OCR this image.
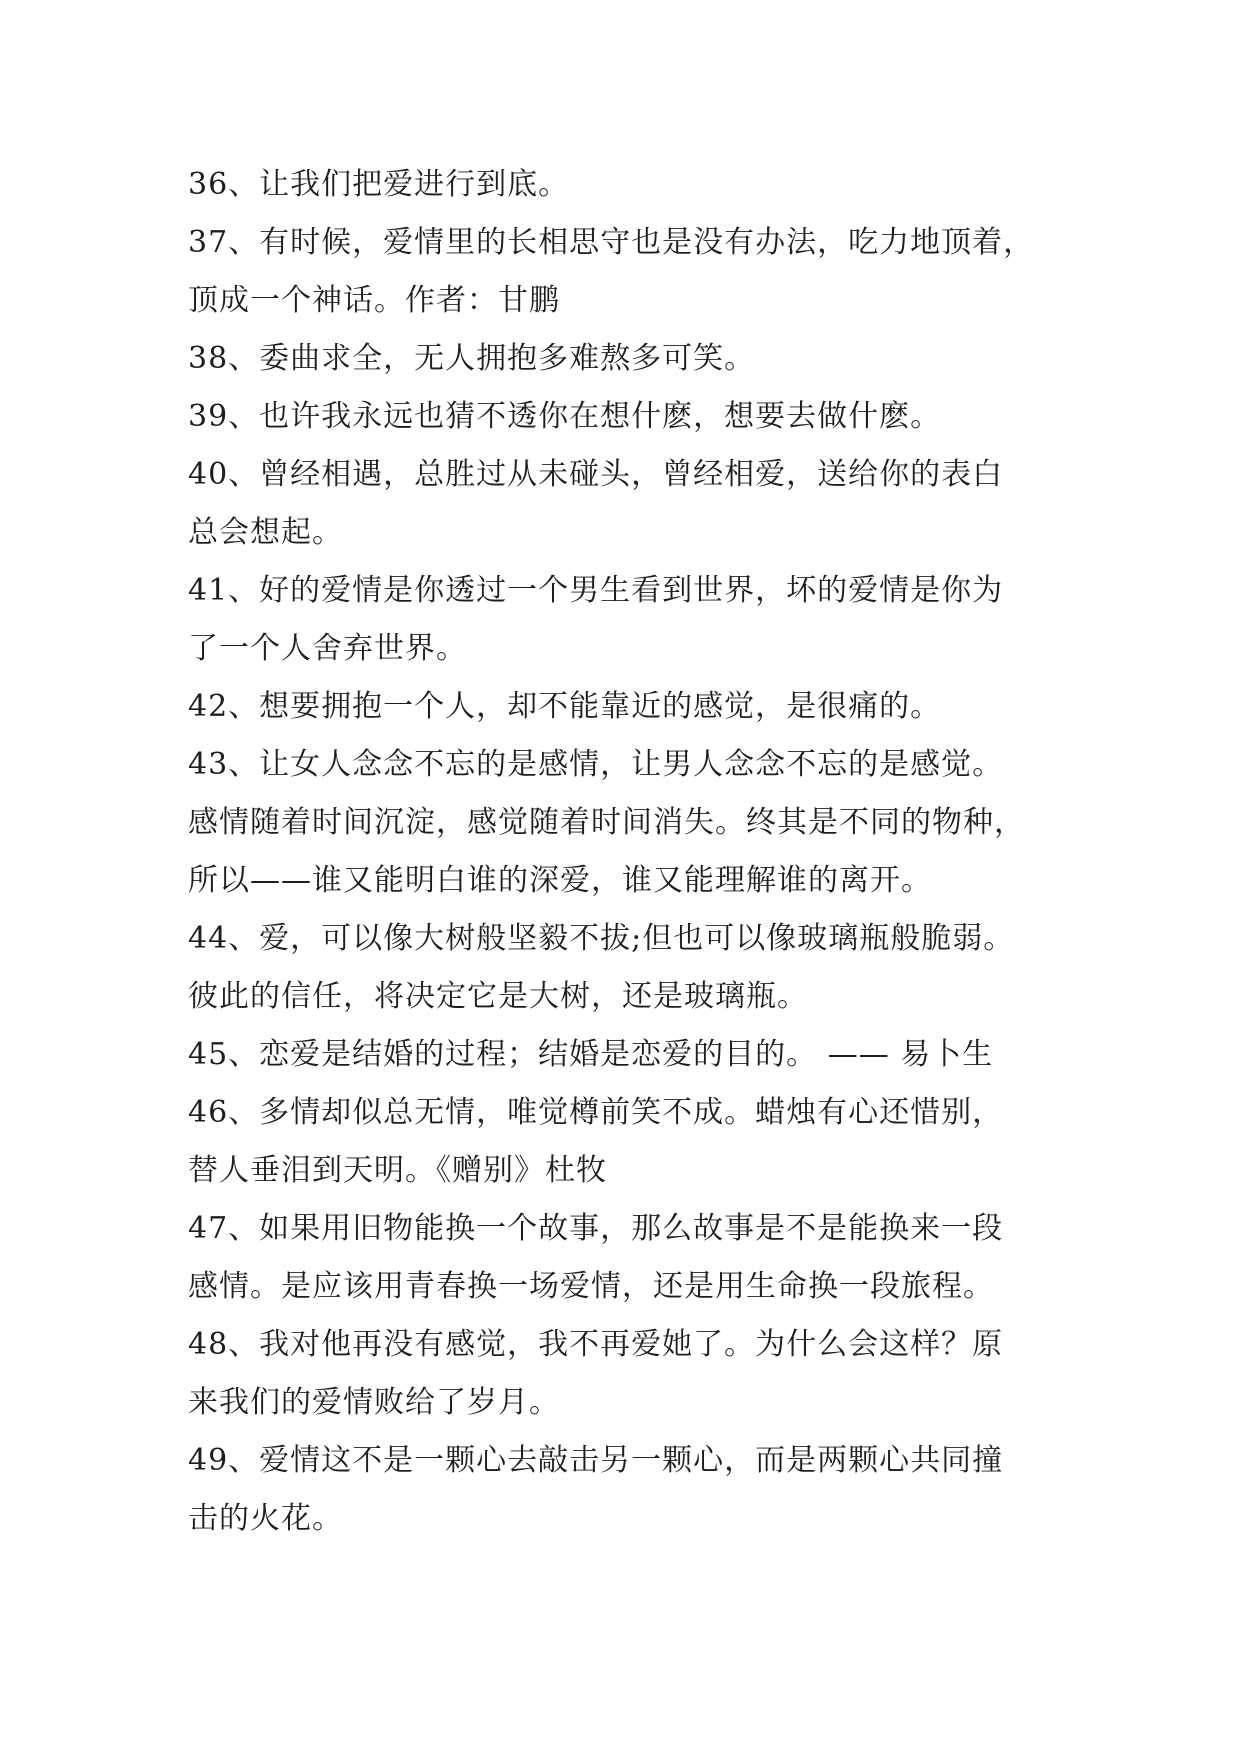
36、让我们把爱进行到底。
37、有时候，爱情里的长相思守也是没有办法，吃力地顶着，
顶成一个神话。作者：甘鹏
38、委曲求全，无人拥抱多难熬多可笑。
39、也许我永远也猜不透你在想什麽，想要去做什麽。
40、曾经相遇，总胜过从未碰头，曾经相爱，送给你的表白
总会想起。
41、好的爱情是你透过一个男生看到世界，坏的爱情是你为
了一个人舍弃世界。
42、想要拥抱一个人，却不能靠近的感觉，是很痛的。
43、让女人念念不忘的是感情，让男人念念不忘的是感觉。
感情随着时间沉淀，感觉随着时间消失。终其是不同的物种，
所以——谁又能明白谁的深爱，谁又能理解谁的离开。
44、爱，可以像大树般坚毅不拔;但也可以像玻璃瓶般脆弱。
彼此的信任，将决定它是大树，还是玻璃瓶。
45、恋爱是结婚的过程；结婚是恋爱的目的。 —— 易卜生
46、多情却似总无情，唯觉樽前笑不成。蜡烛有心还惜别，
替人垂泪到天明。《赠别》杜牧
47、如果用旧物能换一个故事，那么故事是不是能换来一段
感情。是应该用青春换一场爱情，还是用生命换一段旅程。
48、我对他再没有感觉，我不再爱她了。为什么会这样？原
来我们的爱情败给了岁月。
49、爱情这不是一颗心去敲击另一颗心，而是两颗心共同撞
击的火花。
